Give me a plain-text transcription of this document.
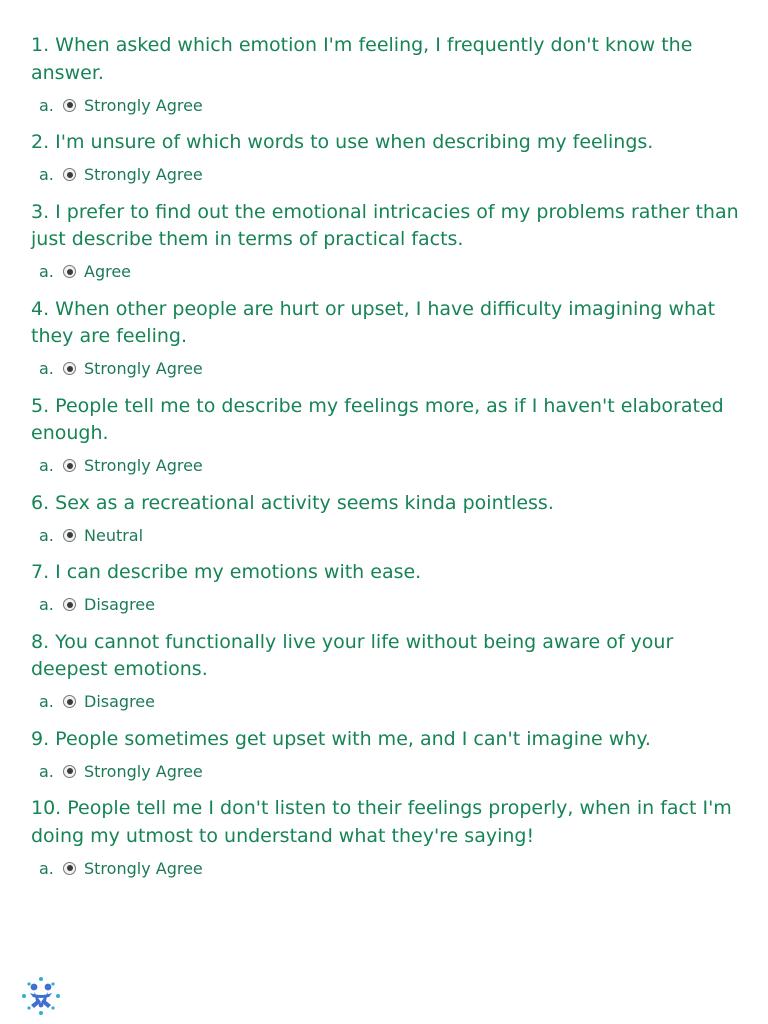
1. When asked which emotion I'm feeling, I frequently don't know the answer.

a. Strongly Agree

2. I'm unsure of which words to use when describing my feelings.

a. Strongly Agree

3. I prefer to find out the emotional intricacies of my problems rather than just describe them in terms of practical facts.

a. Agree

4. When other people are hurt or upset, I have difficulty imagining what they are feeling.

a. Strongly Agree

5. People tell me to describe my feelings more, as if I haven't elaborated enough.

a. Strongly Agree

6. Sex as a recreational activity seems kinda pointless.

a. Neutral

7. I can describe my emotions with ease.

a. Disagree

8. You cannot functionally live your life without being aware of your deepest emotions.

a. Disagree

9. People sometimes get upset with me, and I can't imagine why.

a. Strongly Agree

10. People tell me I don't listen to their feelings properly, when in fact I'm doing my utmost to understand what they're saying!

a. Strongly Agree
